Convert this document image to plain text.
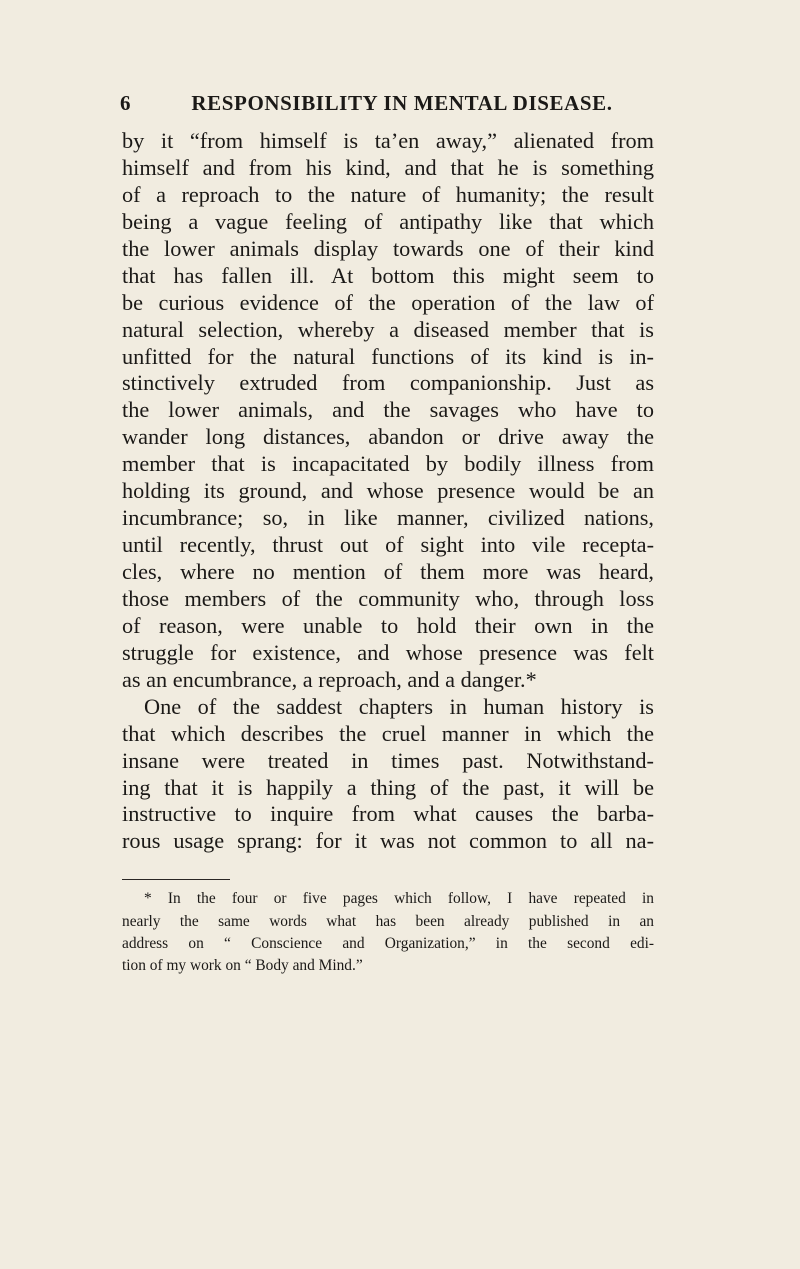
6	RESPONSIBILITY IN MENTAL DISEASE.
by it “from himself is ta’en away,” alienated from
himself and from his kind, and that he is something
of a reproach to the nature of humanity; the result
being a vague feeling of antipathy like that which
the lower animals display towards one of their kind
that has fallen ill. At bottom this might seem to
be curious evidence of the operation of the law of
natural selection, whereby a diseased member that is
unfitted for the natural functions of its kind is in-
stinctively extruded from companionship. Just as
the lower animals, and the savages who have to
wander long distances, abandon or drive away the
member that is incapacitated by bodily illness from
holding its ground, and whose presence would be an
incumbrance; so, in like manner, civilized nations,
until recently, thrust out of sight into vile recepta-
cles, where no mention of them more was heard,
those members of the community who, through loss
of reason, were unable to hold their own in the
struggle for existence, and whose presence was felt
as an encumbrance, a reproach, and a danger.*
One of the saddest chapters in human history is
that which describes the cruel manner in which the
insane were treated in times past. Notwithstand-
ing that it is happily a thing of the past, it will be
instructive to inquire from what causes the barba-
rous usage sprang: for it was not common to all na-
* In the four or five pages which follow, I have repeated in
nearly the same words what has been already published in an
address on “ Conscience and Organization,” in the second edi-
tion of my work on “ Body and Mind.”
